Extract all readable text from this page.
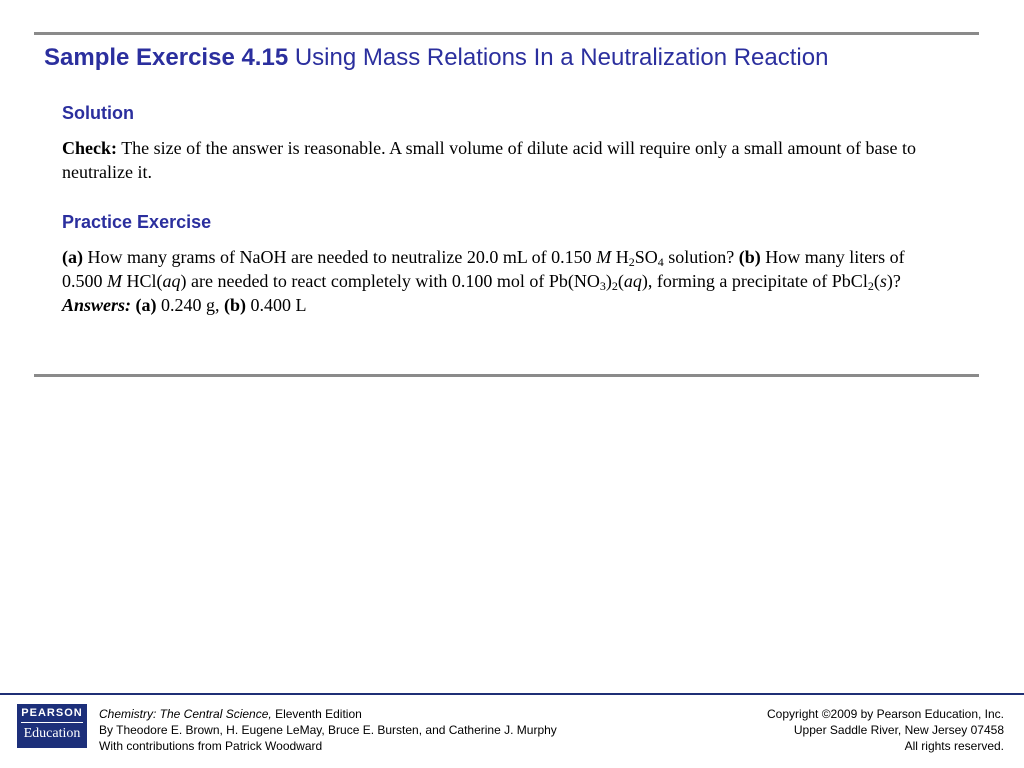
Sample Exercise 4.15 Using Mass Relations In a Neutralization Reaction
Solution
Check: The size of the answer is reasonable. A small volume of dilute acid will require only a small amount of base to neutralize it.
Practice Exercise
(a) How many grams of NaOH are needed to neutralize 20.0 mL of 0.150 M $H_2SO_4$ solution? (b) How many liters of 0.500 M HCl(aq) are needed to react completely with 0.100 mol of $Pb(NO_3)_2(aq)$, forming a precipitate of PbCl$_2$(s)?
Answers: (a) 0.240 g, (b) 0.400 L
PEARSON
Education
Chemistry: The Central Science, Eleventh Edition
By Theodore E. Brown, H. Eugene LeMay, Bruce E. Bursten, and Catherine J. Murphy
With contributions from Patrick Woodward
Copyright ©2009 by Pearson Education, Inc.
Upper Saddle River, New Jersey 07458
All rights reserved.
